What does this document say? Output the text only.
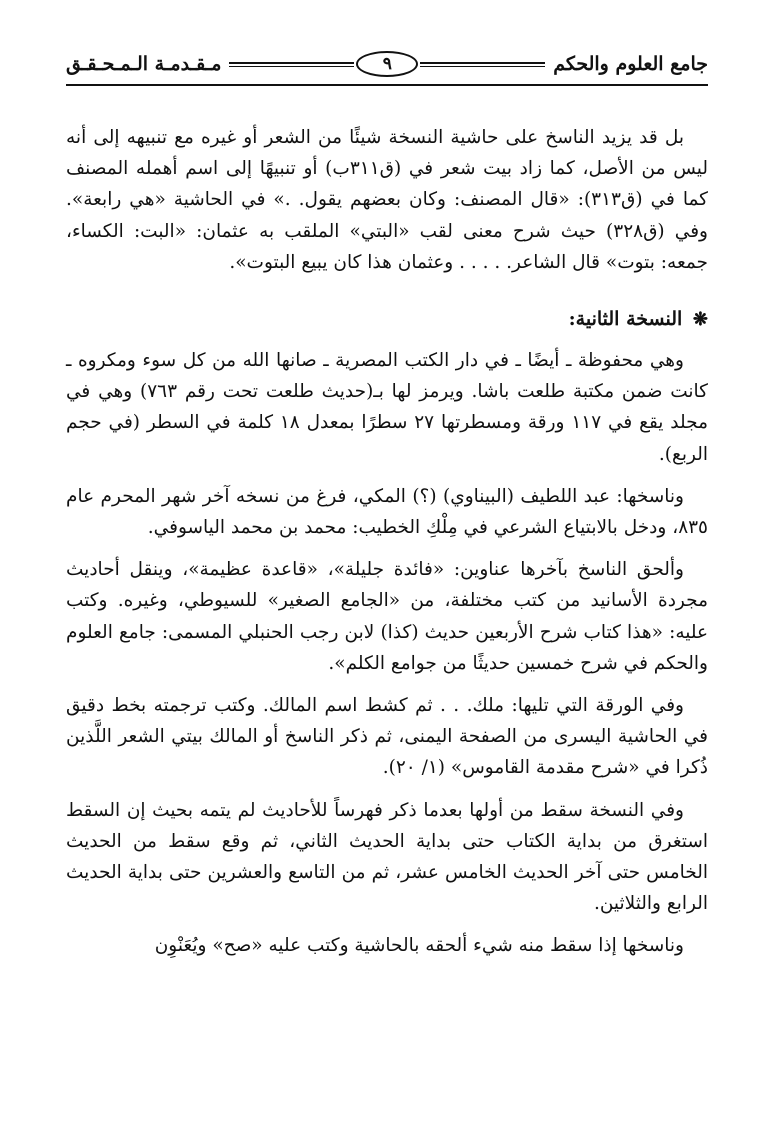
جامع العلوم والحكم
٩
مـقـدمـة الـمـحـقـق

بل قد يزيد الناسخ على حاشية النسخة شيئًا من الشعر أو غيره مع تنبيهه إلى أنه ليس من الأصل، كما زاد بيت شعر في (ق٣١١ب) أو تنبيهًا إلى اسم أهمله المصنف كما في (ق٣١٣): «قال المصنف: وكان بعضهم يقول. .» في الحاشية «هي رابعة». وفي (ق٣٢٨) حيث شرح معنى لقب «البتي» الملقب به عثمان: «البت: الكساء، جمعه: بتوت» قال الشاعر. . . . . وعثمان هذا كان يبيع البتوت».

❋ النسخة الثانية:

وهي محفوظة ـ أيضًا ـ في دار الكتب المصرية ـ صانها الله من كل سوء ومكروه ـ كانت ضمن مكتبة طلعت باشا. ويرمز لها بـ(حديث طلعت تحت رقم ٧٦٣) وهي في مجلد يقع في ١١٧ ورقة ومسطرتها ٢٧ سطرًا بمعدل ١٨ كلمة في السطر (في حجم الربع).

وناسخها: عبد اللطيف (البيناوي) (؟) المكي، فرغ من نسخه آخر شهر المحرم عام ٨٣٥، ودخل بالابتياع الشرعي في مِلْكِ الخطيب: محمد بن محمد الياسوفي.

وألحق الناسخ بآخرها عناوين: «فائدة جليلة»، «قاعدة عظيمة»، وينقل أحاديث مجردة الأسانيد من كتب مختلفة، من «الجامع الصغير» للسيوطي، وغيره. وكتب عليه: «هذا كتاب شرح الأربعين حديث (كذا) لابن رجب الحنبلي المسمى: جامع العلوم والحكم في شرح خمسين حديثًا من جوامع الكلم».

وفي الورقة التي تليها: ملك. . . ثم كشط اسم المالك. وكتب ترجمته بخط دقيق في الحاشية اليسرى من الصفحة اليمنى، ثم ذكر الناسخ أو المالك بيتي الشعر اللَّذين ذُكرا في «شرح مقدمة القاموس» (١/ ٢٠).

وفي النسخة سقط من أولها بعدما ذكر فهرساً للأحاديث لم يتمه بحيث إن السقط استغرق من بداية الكتاب حتى بداية الحديث الثاني، ثم وقع سقط من الحديث الخامس حتى آخر الحديث الخامس عشر، ثم من التاسع والعشرين حتى بداية الحديث الرابع والثلاثين.

وناسخها إذا سقط منه شيء ألحقه بالحاشية وكتب عليه «صح» ويُعَنْوِن
